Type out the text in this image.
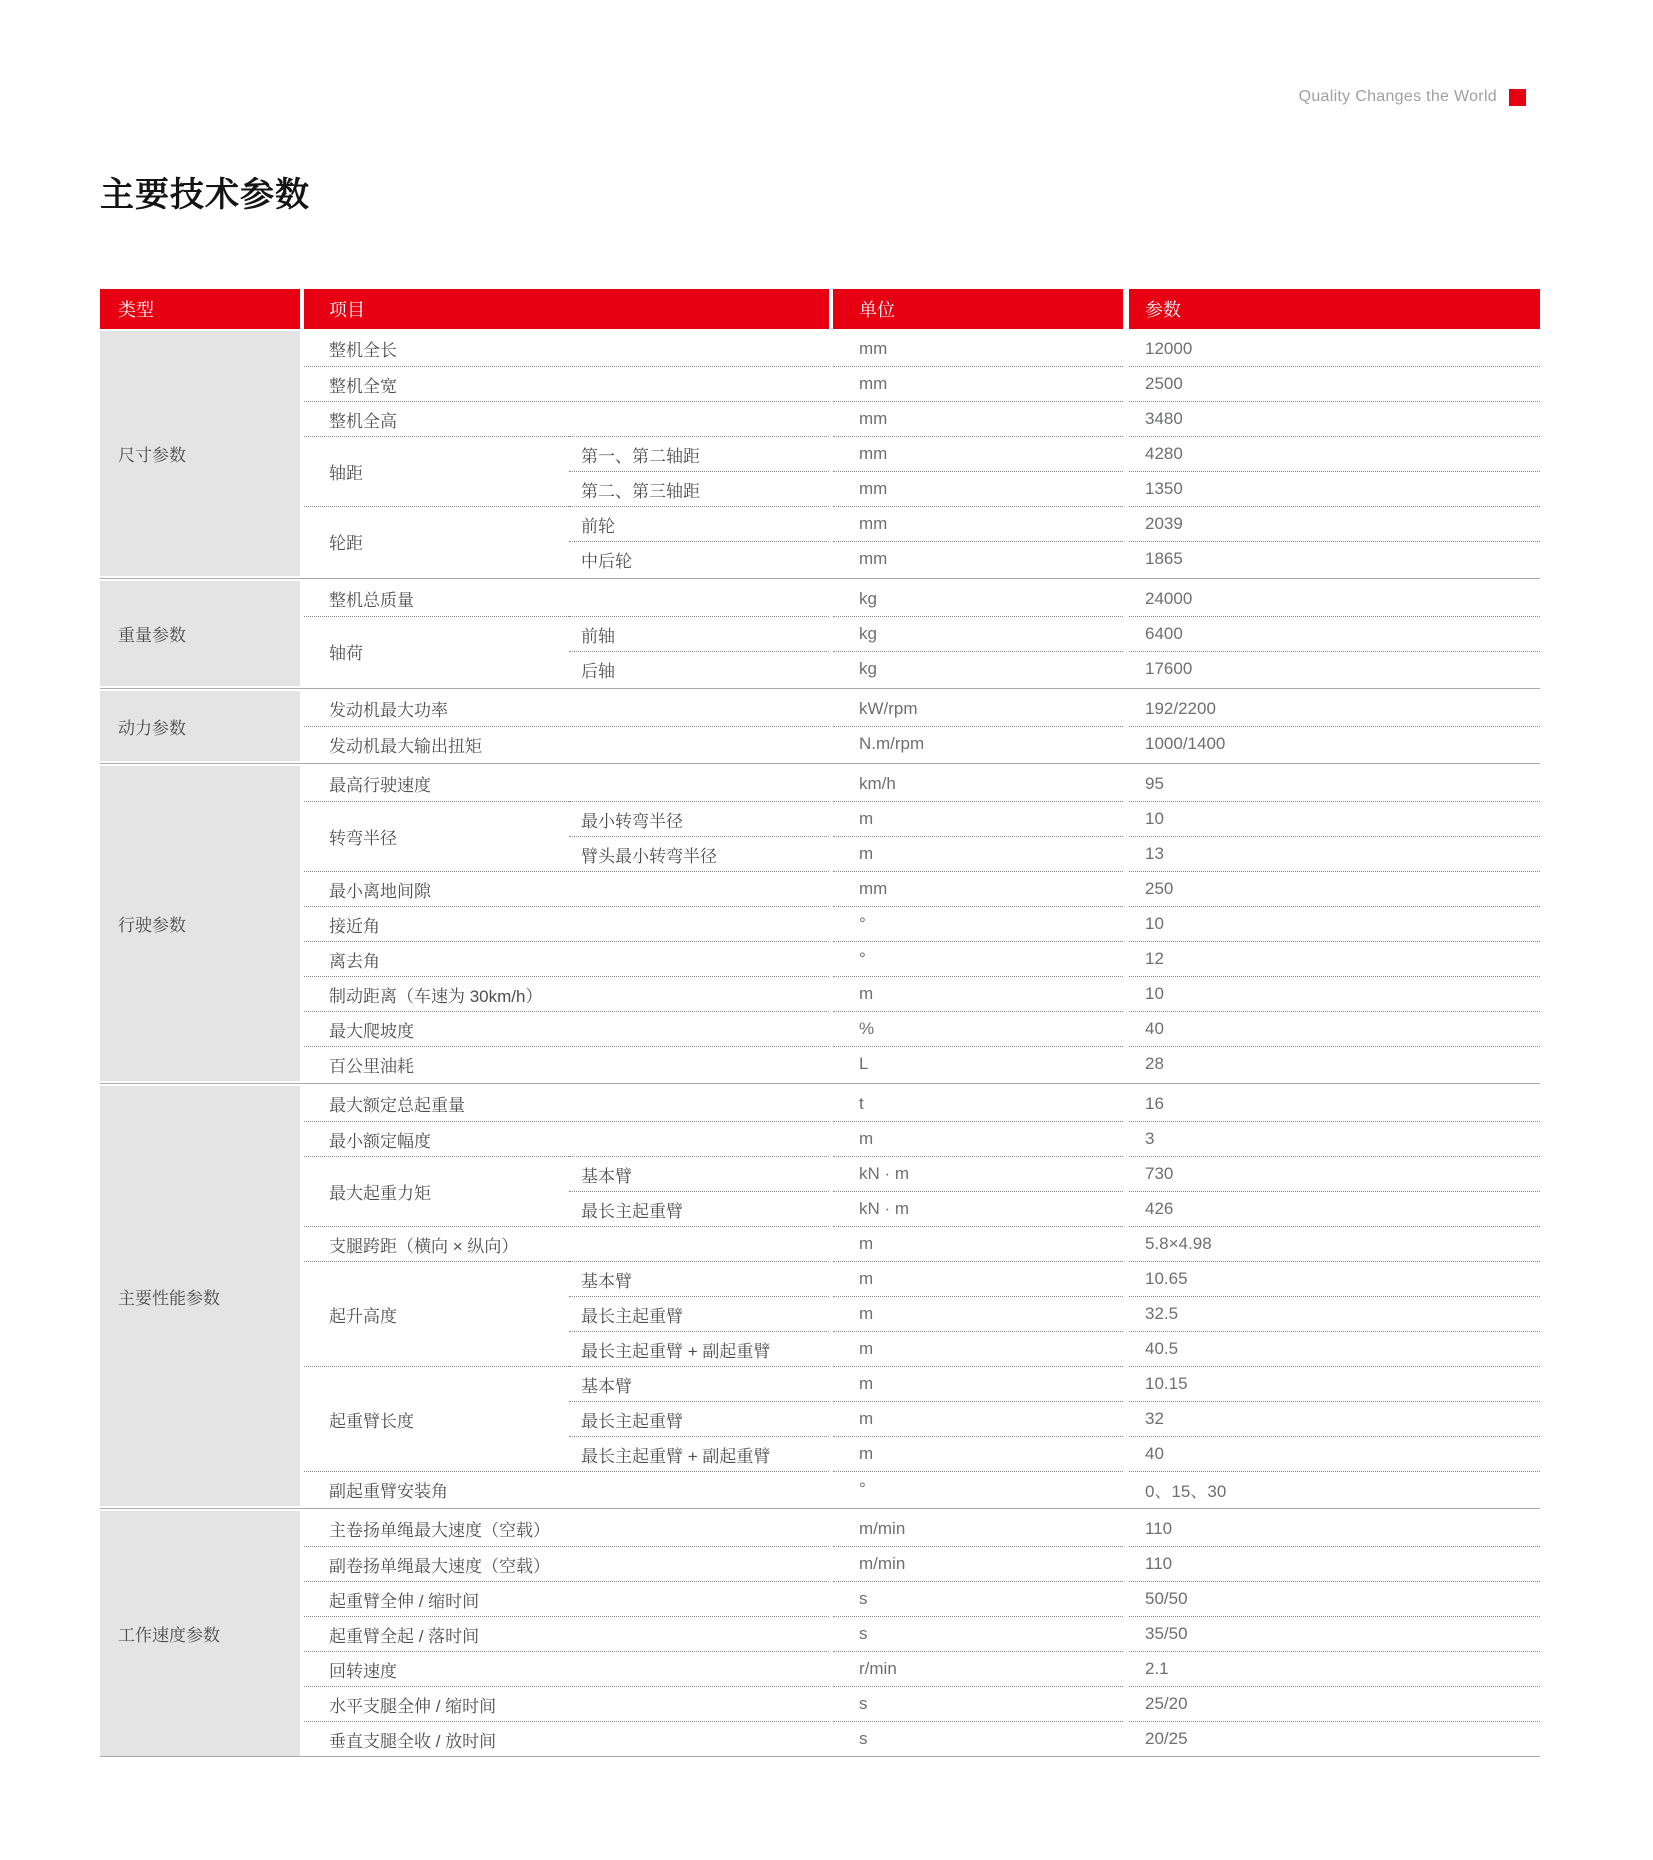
Quality Changes the World
主要技术参数
类型	项目	单位	参数
尺寸参数
整机全长	mm	12000
整机全宽	mm	2500
整机全高	mm	3480
轴距
第一、第二轴距	mm	4280
第二、第三轴距	mm	1350
轮距
前轮	mm	2039
中后轮	mm	1865
重量参数
整机总质量	kg	24000
轴荷
前轴	kg	6400
后轴	kg	17600
动力参数
发动机最大功率	kW/rpm	192/2200
发动机最大输出扭矩	N.m/rpm	1000/1400
行驶参数
最高行驶速度	km/h	95
转弯半径
最小转弯半径	m	10
臂头最小转弯半径	m	13
最小离地间隙	mm	250
接近角	°	10
离去角	°	12
制动距离（车速为 30km/h）	m	10
最大爬坡度	%	40
百公里油耗	L	28
主要性能参数
最大额定总起重量	t	16
最小额定幅度	m	3
最大起重力矩
基本臂	kN · m	730
最长主起重臂	kN · m	426
支腿跨距（横向 × 纵向）	m	5.8×4.98
起升高度
基本臂	m	10.65
最长主起重臂	m	32.5
最长主起重臂 + 副起重臂	m	40.5
起重臂长度
基本臂	m	10.15
最长主起重臂	m	32
最长主起重臂 + 副起重臂	m	40
副起重臂安装角	°	0、15、30
工作速度参数
主卷扬单绳最大速度（空载）	m/min	110
副卷扬单绳最大速度（空载）	m/min	110
起重臂全伸 / 缩时间	s	50/50
起重臂全起 / 落时间	s	35/50
回转速度	r/min	2.1
水平支腿全伸 / 缩时间	s	25/20
垂直支腿全收 / 放时间	s	20/25
